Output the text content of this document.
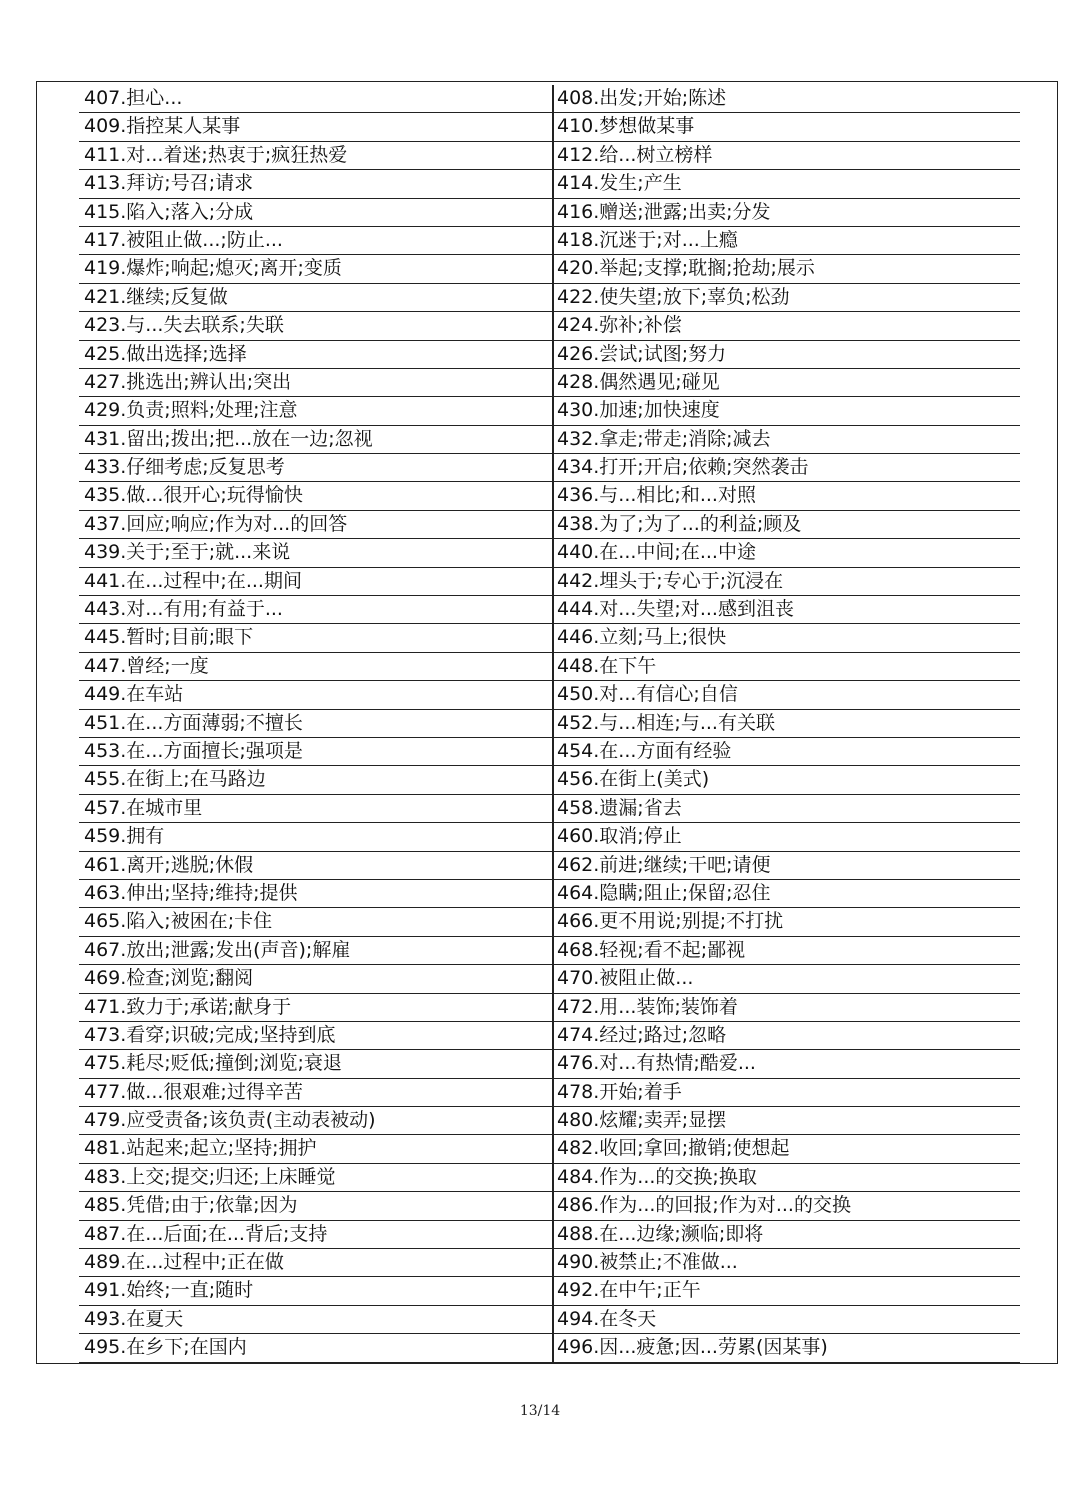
407.担心...	408.出发;开始;陈述
409.指控某人某事	410.梦想做某事
411.对...着迷;热衷于;疯狂热爱	412.给...树立榜样
413.拜访;号召;请求	414.发生;产生
415.陷入;落入;分成	416.赠送;泄露;出卖;分发
417.被阻止做...;防止...	418.沉迷于;对...上瘾
419.爆炸;响起;熄灭;离开;变质	420.举起;支撑;耽搁;抢劫;展示
421.继续;反复做	422.使失望;放下;辜负;松劲
423.与...失去联系;失联	424.弥补;补偿
425.做出选择;选择	426.尝试;试图;努力
427.挑选出;辨认出;突出	428.偶然遇见;碰见
429.负责;照料;处理;注意	430.加速;加快速度
431.留出;拨出;把...放在一边;忽视	432.拿走;带走;消除;减去
433.仔细考虑;反复思考	434.打开;开启;依赖;突然袭击
435.做...很开心;玩得愉快	436.与...相比;和...对照
437.回应;响应;作为对...的回答	438.为了;为了...的利益;顾及
439.关于;至于;就...来说	440.在...中间;在...中途
441.在...过程中;在...期间	442.埋头于;专心于;沉浸在
443.对...有用;有益于...	444.对...失望;对...感到沮丧
445.暂时;目前;眼下	446.立刻;马上;很快
447.曾经;一度	448.在下午
449.在车站	450.对...有信心;自信
451.在...方面薄弱;不擅长	452.与...相连;与...有关联
453.在...方面擅长;强项是	454.在...方面有经验
455.在街上;在马路边	456.在街上(美式)
457.在城市里	458.遗漏;省去
459.拥有	460.取消;停止
461.离开;逃脱;休假	462.前进;继续;干吧;请便
463.伸出;坚持;维持;提供	464.隐瞒;阻止;保留;忍住
465.陷入;被困在;卡住	466.更不用说;别提;不打扰
467.放出;泄露;发出(声音);解雇	468.轻视;看不起;鄙视
469.检查;浏览;翻阅	470.被阻止做...
471.致力于;承诺;献身于	472.用...装饰;装饰着
473.看穿;识破;完成;坚持到底	474.经过;路过;忽略
475.耗尽;贬低;撞倒;浏览;衰退	476.对...有热情;酷爱...
477.做...很艰难;过得辛苦	478.开始;着手
479.应受责备;该负责(主动表被动)	480.炫耀;卖弄;显摆
481.站起来;起立;坚持;拥护	482.收回;拿回;撤销;使想起
483.上交;提交;归还;上床睡觉	484.作为...的交换;换取
485.凭借;由于;依靠;因为	486.作为...的回报;作为对...的交换
487.在...后面;在...背后;支持	488.在...边缘;濒临;即将
489.在...过程中;正在做	490.被禁止;不准做...
491.始终;一直;随时	492.在中午;正午
493.在夏天	494.在冬天
495.在乡下;在国内	496.因...疲惫;因...劳累(因某事)
13/14
